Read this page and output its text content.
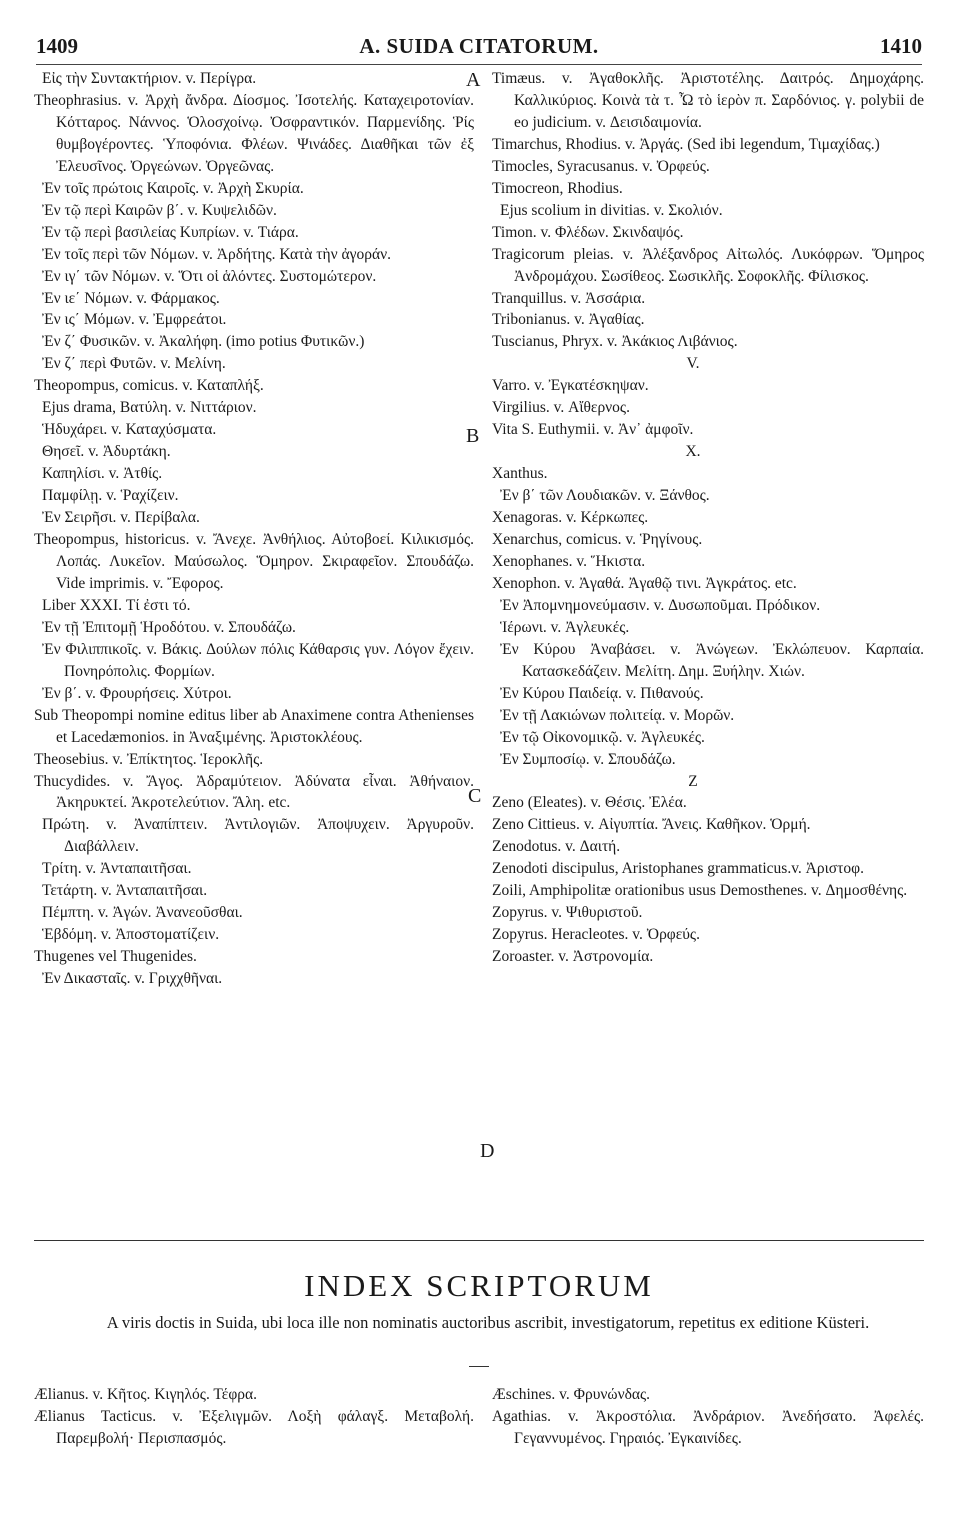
1409	A. SUIDA CITATORUM.	1410
A
B
C
D

Εἰς τὴν Συντακτήριον. v. Περίγρα.

Theophrasius. v. Ἀρχὴ ἄνδρα. Δίοσμος. Ἰσοτελής. Καταχειροτονίαν. Κότταρος. Νάννος. Ὁλοσχοίνῳ. Ὀσφραντικόν. Παρμενίδης. Ῥίς θυμβογέροντες. Ὑποφόνια. Φλέων. Ψινάδες. Διαθῆκαι τῶν ἐξ Ἐλευσῖνος. Ὀργεώνων. Ὀργεῶνας.

Ἐν τοῖς πρώτοις Καιροῖς. v. Ἀρχὴ Σκυρία.

Ἐν τῷ περὶ Καιρῶν β΄. v. Κυψελιδῶν.

Ἐν τῷ περὶ βασιλείας Κυπρίων. v. Τιάρα.

Ἐν τοῖς περὶ τῶν Νόμων. v. Ἀρδήτης. Κατὰ τὴν ἀγοράν.

Ἐν ιγ΄ τῶν Νόμων. v. Ὅτι οἱ ἁλόντες. Συστομώτερον.

Ἐν ιε΄ Νόμων. v. Φάρμακος.

Ἐν ις΄ Μόμων. v. Ἐμφρεάτοι.

Ἐν ζ΄ Φυσικῶν. v. Ἀκαλήφη. (imo potius Φυτικῶν.)

Ἐν ζ΄ περὶ Φυτῶν. v. Μελίνη.

Theopompus, comicus. v. Καταπλήξ.

Ejus drama, Βατύλη. v. Νιττάριον.

Ἡδυχάρει. v. Καταχύσματα.

Θησεῖ. v. Ἀδυρτάκη.

Καπηλίσι. v. Ἀτθίς.

Παμφίλῃ. v. Ῥαχίζειν.

Ἐν Σειρῆσι. v. Περίβαλα.

Theopompus, historicus. v. Ἄνεχε. Ἀνθήλιος. Αὐτοβοεί. Κιλικισμός. Λοπάς. Λυκεῖον. Μαύσωλος. Ὅμηρον. Σκιραφεῖον. Σπουδάζω. Vide imprimis. v. Ἔφορος.

Liber XXXI. Τί ἐστι τό.

Ἐν τῇ Ἐπιτομῇ Ἡροδότου. v. Σπουδάζω.

Ἐν Φιλιππικοῖς. v. Βάκις. Δούλων πόλις Κάθαρσις γυν. Λόγον ἔχειν. Πονηρόπολις. Φορμίων.

Ἐν β΄. v. Φρουρήσεις. Χύτροι.

Sub Theopompi nomine editus liber ab Anaximene contra Athenienses et Lacedæmonios. in Ἀναξιμένης. Ἀριστοκλέους.

Theosebius. v. Ἐπίκτητος. Ἱεροκλῆς.

Thucydides. v. Ἄγος. Ἀδραμύτειον. Ἀδύνατα εἶναι. Ἀθήναιον. Ἀκηρυκτεί. Ἀκροτελεύτιον. Ἄλη. etc.

Πρώτη. v. Ἀναπίπτειν. Ἀντιλογιῶν. Ἀποψυχειν. Ἀργυροῦν. Διαβάλλειν.

Τρίτη. v. Ἀνταπαιτῆσαι.

Τετάρτη. v. Ἀνταπαιτῆσαι.

Πέμπτη. v. Ἀγών. Ἀνανεοῦσθαι.

Ἑβδόμη. v. Ἀποστοματίζειν.

Thugenes vel Thugenides.

Ἐν Δικασταῖς. v. Γριχχθῆναι.

Timæus. v. Ἀγαθοκλῆς. Ἀριστοτέλης. Δαιτρός. Δημοχάρης. Καλλικύριος. Κοινὰ τὰ τ. Ὦ τὸ ἱερὸν π. Σαρδόνιος. γ. polybii de eo judicium. v. Δεισιδαιμονία.

Timarchus, Rhodius. v. Ἀργάς. (Sed ibi legendum, Τιμαχίδας.)

Timocles, Syracusanus. v. Ὀρφεύς.

Timocreon, Rhodius.

Ejus scolium in divitias. v. Σκολιόν.

Timon. v. Φλέδων. Σκινδαψός.

Tragicorum pleias. v. Ἀλέξανδρος Αἰτωλός. Λυκόφρων. Ὅμηρος Ἀνδρομάχου. Σωσίθεος. Σωσικλῆς. Σοφοκλῆς. Φίλισκος.

Tranquillus. v. Ἀσσάρια.

Tribonianus. v. Ἀγαθίας.

Tuscianus, Phryx. v. Ἀκάκιος Λιβάνιος.

V.

Varro. v. Ἐγκατέσκηψαν.

Virgilius. v. Αἴθερνος.

Vita S. Euthymii. v. Ἀν᾽ ἀμφοῖν.

X.

Xanthus.

Ἐν β΄ τῶν Λουδιακῶν. v. Ξάνθος.

Xenagoras. v. Κέρκωπες.

Xenarchus, comicus. v. Ῥηγίνους.

Xenophanes. v. Ἥκιστα.

Xenophon. v. Ἀγαθά. Ἀγαθῷ τινι. Ἀγκράτος. etc.

Ἐν Ἀπομνημονεύμασιν. v. Δυσωποῦμαι. Πρόδικον.

Ἱέρωνι. v. Ἀγλευκές.

Ἐν Κύρου Ἀναβάσει. v. Ἀνώγεων. Ἐκλώπευον. Καρπαία. Κατασκεδάζειν. Μελίτη. Δημ. Ξυήλην. Χιών.

Ἐν Κύρου Παιδείᾳ. v. Πιθανούς.

Ἐν τῇ Λακιώνων πολιτείᾳ. v. Μορῶν.

Ἐν τῷ Οἰκονομικῷ. v. Ἀγλευκές.

Ἐν Συμποσίῳ. v. Σπουδάζω.

Z

Zeno (Eleates). v. Θέσις. Ἐλέα.

Zeno Cittieus. v. Αἰγυπτία. Ἄνεις. Καθῆκον. Ὁρμή.

Zenodotus. v. Δαιτή.

Zenodoti discipulus, Aristophanes grammaticus.v. Ἀριστοφ.

Zoili, Amphipolitæ orationibus usus Demosthenes. v. Δημοσθένης.

Zopyrus. v. Ψιθυριστοῦ.

Zopyrus. Heracleotes. v. Ὀρφεύς.

Zoroaster. v. Ἀστρονομία.

INDEX SCRIPTORUM
A viris doctis in Suida, ubi loca ille non nominatis auctoribus ascribit, investigatorum, repetitus ex editione Küsteri.

Ælianus. v. Κῆτος. Κιγηλός. Τέφρα.

Ælianus Tacticus. v. Ἐξελιγμῶν. Λοξὴ φάλαγξ. Μεταβολή. Παρεμβολή· Περισπασμός.

Æschines. v. Φρυνώνδας.

Agathias. v. Ἀκροστόλια. Ἀνδράριον. Ἀνεδήσατο. Ἀφελές. Γεγαννυμένος. Γηραιός. Ἐγκαινίδες.
